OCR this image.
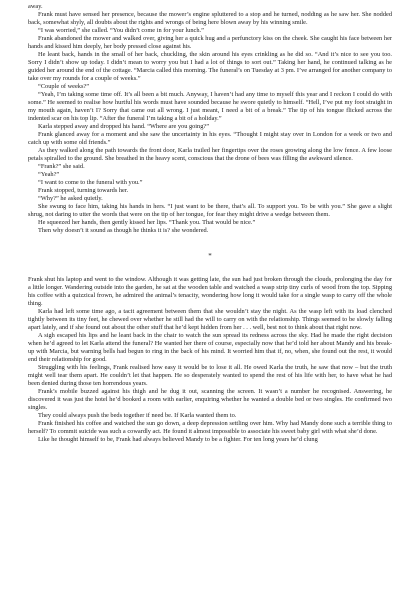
away.

Frank must have sensed her presence, because the mower’s engine spluttered to a stop and he turned, nodding as he saw her. She nodded back, somewhat shyly, all doubts about the rights and wrongs of being here blown away by his winning smile.

“I was worried,” she called. “You didn’t come in for your lunch.”

Frank abandoned the mower and walked over, giving her a quick hug and a perfunctory kiss on the cheek. She caught his face between her hands and kissed him deeply, her body pressed close against his.

He leant back, hands in the small of her back, chuckling, the skin around his eyes crinkling as he did so. “And it’s nice to see you too. Sorry I didn’t show up today. I didn’t mean to worry you but I had a lot of things to sort out.” Taking her hand, he continued talking as he guided her around the end of the cottage. “Marcia called this morning. The funeral’s on Tuesday at 3 pm. I’ve arranged for another company to take over my rounds for a couple of weeks.”

“Couple of weeks?”

“Yeah, I’m taking some time off. It’s all been a bit much. Anyway, I haven’t had any time to myself this year and I reckon I could do with some.” He seemed to realise how hurtful his words must have sounded because he swore quietly to himself. “Hell, I’ve put my foot straight in my mouth again, haven’t I? Sorry that came out all wrong. I just meant, I need a bit of a break.” The tip of his tongue flicked across the indented scar on his top lip. “After the funeral I’m taking a bit of a holiday.”

Karla stepped away and dropped his hand. “Where are you going?”

Frank glanced away for a moment and she saw the uncertainty in his eyes. “Thought I might stay over in London for a week or two and catch up with some old friends.”

As they walked along the path towards the front door, Karla trailed her fingertips over the roses growing along the low fence. A few loose petals spiralled to the ground. She breathed in the heavy scent, conscious that the drone of bees was filling the awkward silence.

“Frank?” she said.

“Yeah?”

“I want to come to the funeral with you.”

Frank stopped, turning towards her.

“Why?” he asked quietly.

She swung to face him, taking his hands in hers. “I just want to be there, that’s all. To support you. To be with you.” She gave a slight shrug, not daring to utter the words that were on the tip of her tongue, for fear they might drive a wedge between them.

He squeezed her hands, then gently kissed her lips. “Thank you. That would be nice.”

Then why doesn’t it sound as though he thinks it is? she wondered.

*

Frank shut his laptop and went to the window. Although it was getting late, the sun had just broken through the clouds, prolonging the day for a little longer. Wandering outside into the garden, he sat at the wooden table and watched a wasp strip tiny curls of wood from the top. Sipping his coffee with a quizzical frown, he admired the animal’s tenacity, wondering how long it would take for a single wasp to carry off the whole thing.

Karla had left some time ago, a tacit agreement between them that she wouldn’t stay the night. As the wasp left with its load clenched tightly between its tiny feet, he chewed over whether he still had the will to carry on with the relationship. Things seemed to be slowly falling apart lately, and if she found out about the other stuff that he’d kept hidden from her . . . well, best not to think about that right now.

A sigh escaped his lips and he leant back in the chair to watch the sun spread its redness across the sky. Had he made the right decision when he’d agreed to let Karla attend the funeral? He wanted her there of course, especially now that he’d told her about Mandy and his break-up with Marcia, but warning bells had begun to ring in the back of his mind. It worried him that if, no, when, she found out the rest, it would end their relationship for good.

Struggling with his feelings, Frank realised how easy it would be to lose it all. He owed Karla the truth, he saw that now – but the truth might well tear them apart. He couldn’t let that happen. He so desperately wanted to spend the rest of his life with her, to have what he had been denied during those ten horrendous years.

Frank’s mobile buzzed against his thigh and he dug it out, scanning the screen. It wasn’t a number he recognised. Answering, he discovered it was just the hotel he’d booked a room with earlier, enquiring whether he wanted a double bed or two singles. He confirmed two singles.

They could always push the beds together if need be. If Karla wanted them to.

Frank finished his coffee and watched the sun go down, a deep depression settling over him. Why had Mandy done such a terrible thing to herself? To commit suicide was such a cowardly act. He found it almost impossible to associate his sweet baby girl with what she’d done.

Like he thought himself to be, Frank had always believed Mandy to be a fighter. For ten long years he’d clung
